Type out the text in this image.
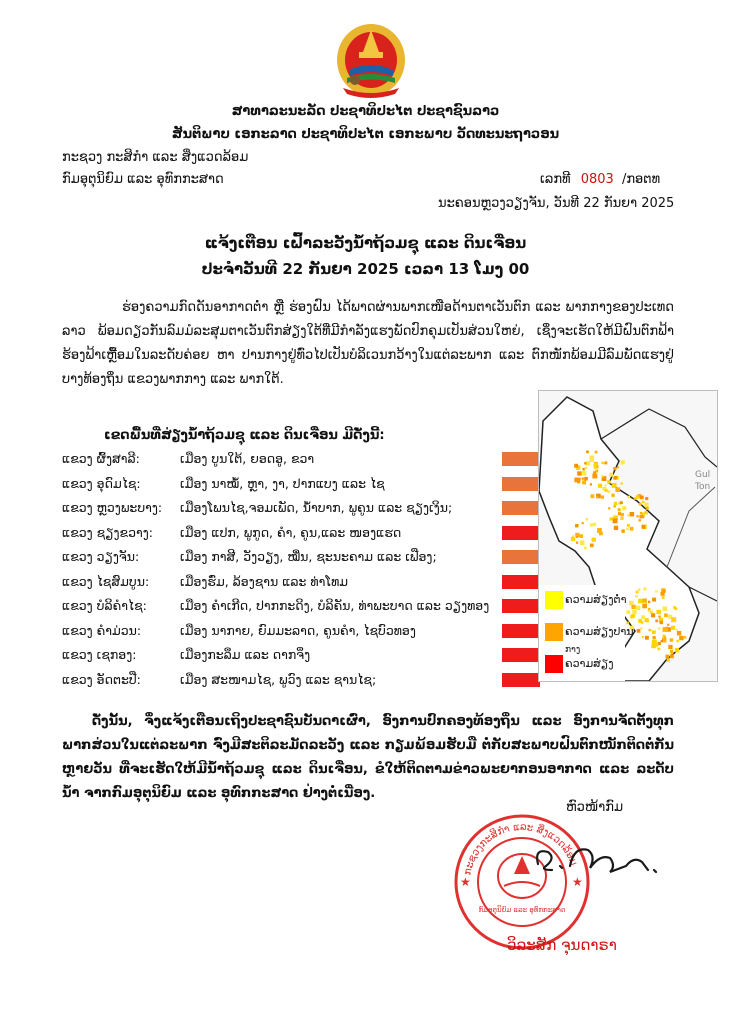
ສາທາລະນະລັດ ປະຊາທິປະໄຕ ປະຊາຊົນລາວ
ສັນຕິພາບ ເອກະລາດ ປະຊາທິປະໄຕ ເອກະພາບ ວັດທະນະຖາວອນ
ກະຊວງ ກະສິກຳ ແລະ ສິ່ງແວດລ້ອມ
ກົມອຸຕຸນິຍົມ ແລະ ອຸທົກກະສາດ	ເລກທີ 0803 /ກອຕທ
ນະຄອນຫຼວງວຽງຈັນ, ວັນທີ 22 ກັນຍາ 2025
ແຈ້ງເຕືອນ ເຝົ້າລະວັງນ້ຳຖ້ວມຊຸ ແລະ ດິນເຈື່ອນ
ປະຈຳວັນທີ 22 ກັນຍາ 2025 ເວລາ 13 ໂມງ 00
ຮ່ອງຄວາມກົດດັນອາກາດຕ່ຳ ຫຼື ຮ່ອງຝົນ ໄດ້ພາດຜ່ານພາກເໜືອດ້ານຕາເວັນຕົກ ແລະ ພາກກາງຂອງປະເທດລາວ ພ້ອມດຽວກັນລົມມໍລະສຸມຕາເວັນຕົກສ່ຽງໃຕ້ທີ່ມີກຳລັງແຮງພັດປົກຄຸມເປັນສ່ວນໃຫຍ່, ເຊິ່ງຈະເຮັດໃຫ້ມີຝົນຕົກຟ້າຮ້ອງຟ້າເຫຼື້ອມໃນລະດັບຄ່ອຍ ຫາ ປານກາງຢູ່ທົ່ວໄປເປັນບໍລິເວນກວ້າງໃນແຕ່ລະພາກ ແລະ ຕົກໜັກພ້ອມມີລົມພັດແຮງຢູ່ບາງທ້ອງຖິ່ນ ແຂວງພາກກາງ ແລະ ພາກໃຕ້.
ເຂດພື້ນທີ່ສ່ຽງນ້ຳຖ້ວມຊຸ ແລະ ດິນເຈື່ອນ ມີດັ່ງນີ້:
ແຂວງ ຜົ້ງສາລີ:	ເມືອງ ບູນໃຕ້, ຍອດອູ, ຂວາ
ແຂວງ ອຸດົມໄຊ:	ເມືອງ ນາໝໍ້, ຫຼາ, ງາ, ປາກແບງ ແລະ ໄຊ
ແຂວງ ຫຼວງພະບາງ: ເມືອງໂພນໄຊ,ຈອມເພັດ, ນ້ຳບາກ, ພູຄູນ ແລະ ຊຽງເງິນ;
ແຂວງ ຊຽງຂວາງ: ເມືອງ ແປກ, ພູກູດ, ຄຳ, ຄູນ,ແລະ ໜອງແຮດ
ແຂວງ ວຽງຈັນ:	ເມືອງ ກາສີ, ວັງວຽງ, ໝື່ນ, ຊະນະຄາມ ແລະ ເຟືອງ;
ແຂວງ ໄຊສົມບູນ: ເມືອງຮົ່ມ, ລ້ອງຊານ ແລະ ທ່າໂທມ
ແຂວງ ບໍລິຄຳໄຊ:	ເມືອງ ຄຳເກີດ, ປາກກະດິງ, ບໍລິຄັນ, ທ່າພະບາດ ແລະ ວຽງທອງ
ແຂວງ ຄຳມ່ວນ:	ເມືອງ ນາກາຍ, ຍົມມະລາດ, ຄູນຄຳ, ໄຊບົວທອງ
ແຂວງ ເຊກອງ:	ເມືອງກະລຶມ ແລະ ດາກຈຶງ
ແຂວງ ອັດຕະປື:	ເມືອງ ສະໜາມໄຊ, ພູວົງ ແລະ ຊານໄຊ;
Gul
Ton
ຄວາມສ່ຽງຕ່ຳ
ຄວາມສ່ຽງປານ
ກາງ
ຄວາມສ່ຽງ
ດັ່ງນັ້ນ, ຈຶ່ງແຈ້ງເຕືອນເຖິງປະຊາຊົນບັນດາເຜົ່າ, ອົງການປົກຄອງທ້ອງຖິ່ນ ແລະ ອົງການຈັດຕັ້ງທຸກພາກສ່ວນໃນແຕ່ລະພາກ ຈົ່ງມີສະຕິລະມັດລະວັງ ແລະ ກຽມພ້ອມຮັບມື ຕໍ່ກັບສະພາບຝົນຕົກໜັກຕິດຕໍ່ກັນຫຼາຍວັນ ທີ່ຈະເຮັດໃຫ້ມີນ້ຳຖ້ວມຊຸ ແລະ ດິນເຈື່ອນ, ຂໍໃຫ້ຕິດຕາມຂ່າວພະຍາກອນອາກາດ ແລະ ລະດັບນ້ຳ ຈາກກົມອຸຕຸນິຍົມ ແລະ ອຸທົກກະສາດ ຢ່າງຕໍ່ເນື່ອງ.
ຫົວໜ້າກົມ
ກະຊວງກະສິກຳ ແລະ ສິ່ງແວດລ້ອມ
ກົມອຸຕຸນິຍົມ ແລະ ອຸທົກກະສາດ
★	★
ວິລະສັກ ຈຸນດາຣາ
